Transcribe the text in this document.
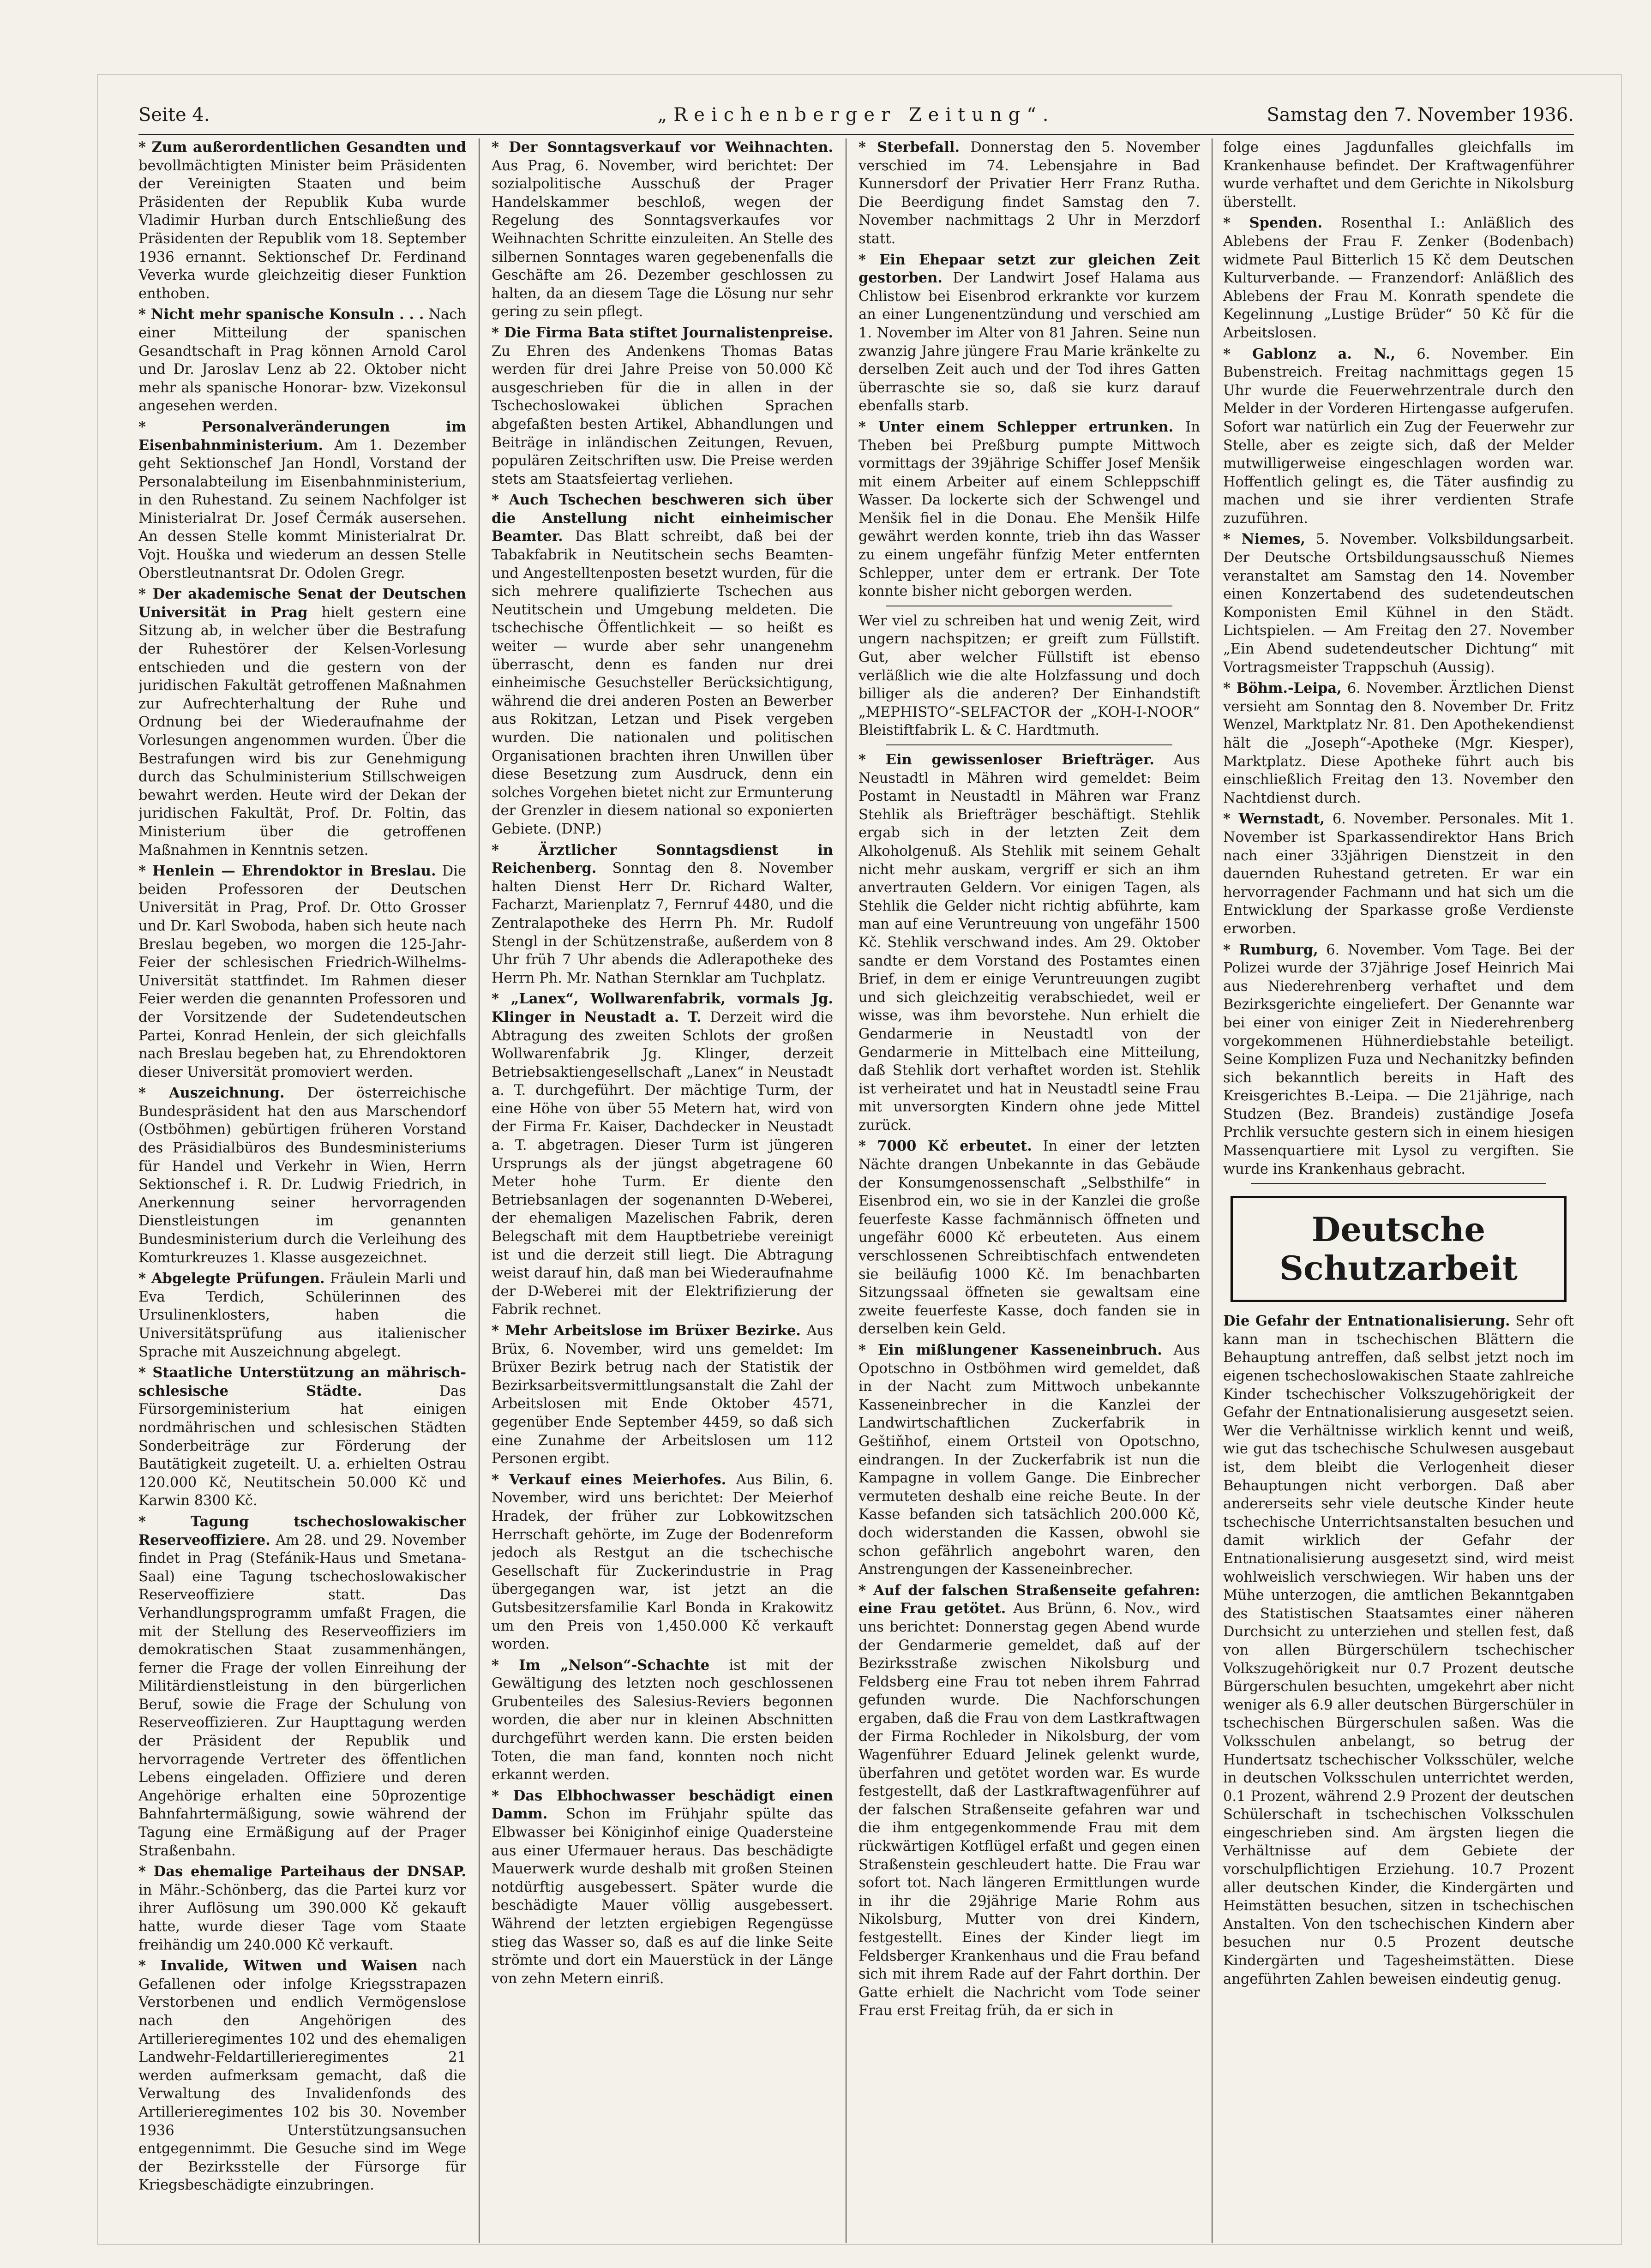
„Reichenberger Zeitung“.
Seite 4.	Samstag den 7. November 1936.
* Zum außerordentlichen Gesandten und bevollmächtigten Minister beim Präsidenten der Vereinigten Staaten und beim Präsidenten der Republik Kuba wurde Vladimir Hurban durch Entschließung des Präsidenten der Republik vom 18. September 1936 ernannt. Sektionschef Dr. Ferdinand Veverka wurde gleichzeitig dieser Funktion enthoben.
* Nicht mehr spanische Konsuln . . . Nach einer Mitteilung der spanischen Gesandtschaft in Prag können Arnold Carol und Dr. Jaroslav Lenz ab 22. Oktober nicht mehr als spanische Honorar- bzw. Vizekonsul angesehen werden.
* Personalveränderungen im Eisenbahnministerium. Am 1. Dezember geht Sektionschef Jan Hondl, Vorstand der Personalabteilung im Eisenbahnministerium, in den Ruhestand. Zu seinem Nachfolger ist Ministerialrat Dr. Josef Čermák ausersehen. An dessen Stelle kommt Ministerialrat Dr. Vojt. Houška und wiederum an dessen Stelle Oberstleutnantsrat Dr. Odolen Gregr.
* Der akademische Senat der Deutschen Universität in Prag hielt gestern eine Sitzung ab, in welcher über die Bestrafung der Ruhestörer der Kelsen-Vorlesung entschieden und die gestern von der juridischen Fakultät getroffenen Maßnahmen zur Aufrechterhaltung der Ruhe und Ordnung bei der Wiederaufnahme der Vorlesungen angenommen wurden. Über die Bestrafungen wird bis zur Genehmigung durch das Schulministerium Stillschweigen bewahrt werden. Heute wird der Dekan der juridischen Fakultät, Prof. Dr. Foltin, das Ministerium über die getroffenen Maßnahmen in Kenntnis setzen.
* Henlein — Ehrendoktor in Breslau. Die beiden Professoren der Deutschen Universität in Prag, Prof. Dr. Otto Grosser und Dr. Karl Swoboda, haben sich heute nach Breslau begeben, wo morgen die 125-Jahr-Feier der schlesischen Friedrich-Wilhelms-Universität stattfindet. Im Rahmen dieser Feier werden die genannten Professoren und der Vorsitzende der Sudetendeutschen Partei, Konrad Henlein, der sich gleichfalls nach Breslau begeben hat, zu Ehrendoktoren dieser Universität promoviert werden.
* Auszeichnung. Der österreichische Bundespräsident hat den aus Marschendorf (Ostböhmen) gebürtigen früheren Vorstand des Präsidialbüros des Bundesministeriums für Handel und Verkehr in Wien, Herrn Sektionschef i. R. Dr. Ludwig Friedrich, in Anerkennung seiner hervorragenden Dienstleistungen im genannten Bundesministerium durch die Verleihung des Komturkreuzes 1. Klasse ausgezeichnet.
* Abgelegte Prüfungen. Fräulein Marli und Eva Terdich, Schülerinnen des Ursulinenklosters, haben die Universitätsprüfung aus italienischer Sprache mit Auszeichnung abgelegt.
* Staatliche Unterstützung an mährisch-schlesische Städte.	Das Fürsorgeministerium hat einigen nordmährischen und schlesischen Städten Sonderbeiträge zur Förderung der Bautätigkeit zugeteilt. U. a. erhielten Ostrau 120.000 Kč, Neutitschein 50.000 Kč und Karwin 8300 Kč.
* Tagung tschechoslowakischer Reserveoffiziere. Am 28. und 29. November findet in Prag (Stefánik-Haus und Smetana-Saal) eine Tagung tschechoslowakischer Reserveoffiziere statt. Das Verhandlungsprogramm umfaßt Fragen, die mit der Stellung des Reserveoffiziers im demokratischen Staat zusammenhängen, ferner die Frage der vollen Einreihung der Militärdienstleistung in den bürgerlichen Beruf, sowie die Frage der Schulung von Reserveoffizieren. Zur Haupttagung werden der Präsident der Republik und hervorragende Vertreter des öffentlichen Lebens eingeladen. Offiziere und deren Angehörige erhalten eine 50prozentige Bahnfahrtermäßigung, sowie während der Tagung eine Ermäßigung auf der Prager Straßenbahn.
* Das ehemalige Parteihaus der DNSAP. in Mähr.-Schönberg, das die Partei kurz vor ihrer Auflösung um 390.000 Kč gekauft hatte, wurde dieser Tage vom Staate freihändig um 240.000 Kč verkauft.
* Invalide, Witwen und Waisen nach Gefallenen oder infolge Kriegsstrapazen Verstorbenen und endlich Vermögenslose nach den Angehörigen des Artillerieregimentes 102 und des ehemaligen Landwehr-Feldartillerieregimentes 21 werden aufmerksam gemacht, daß die Verwaltung des Invalidenfonds des Artillerieregimentes 102 bis 30. November 1936 Unterstützungsansuchen entgegennimmt. Die Gesuche sind im Wege der Bezirksstelle der Fürsorge für Kriegsbeschädigte einzubringen.
* Der Sonntagsverkauf vor Weihnachten. Aus Prag, 6. November, wird berichtet: Der sozialpolitische Ausschuß der Prager Handelskammer beschloß, wegen der Regelung des Sonntagsverkaufes vor Weihnachten Schritte einzuleiten. An Stelle des silbernen Sonntages waren gegebenenfalls die Geschäfte am 26. Dezember geschlossen zu halten, da an diesem Tage die Lösung nur sehr gering zu sein pflegt.
* Die Firma Bata stiftet Journalistenpreise. Zu Ehren des Andenkens Thomas Batas werden für drei Jahre Preise von 50.000 Kč ausgeschrieben für die in allen in der Tschechoslowakei üblichen Sprachen abgefaßten besten Artikel, Abhandlungen und Beiträge in inländischen Zeitungen, Revuen, populären Zeitschriften usw. Die Preise werden stets am Staatsfeiertag verliehen.
* Auch Tschechen beschweren sich über die Anstellung nicht einheimischer Beamter. Das Blatt schreibt, daß bei der Tabakfabrik in Neutitschein sechs Beamten- und Angestelltenposten besetzt wurden, für die sich mehrere qualifizierte Tschechen aus Neutitschein und Umgebung meldeten. Die tschechische Öffentlichkeit — so heißt es weiter — wurde aber sehr unangenehm überrascht, denn es fanden nur drei einheimische Gesuchsteller Berücksichtigung, während die drei anderen Posten an Bewerber aus Rokitzan, Letzan und Pisek vergeben wurden. Die nationalen und politischen Organisationen brachten ihren Unwillen über diese Besetzung zum Ausdruck, denn ein solches Vorgehen bietet nicht zur Ermunterung der Grenzler in diesem national so exponierten Gebiete. (DNP.)
* Ärztlicher Sonntagsdienst in Reichenberg. Sonntag den 8. November halten Dienst Herr Dr. Richard Walter, Facharzt, Marienplatz 7, Fernruf 4480, und die Zentralapotheke des Herrn Ph. Mr. Rudolf Stengl in der Schützenstraße, außerdem von 8 Uhr früh 7 Uhr abends die Adlerapotheke des Herrn Ph. Mr. Nathan Sternklar am Tuchplatz.
* „Lanex“, Wollwarenfabrik, vormals Jg. Klinger in Neustadt a. T. Derzeit wird die Abtragung des zweiten Schlots der großen Wollwarenfabrik Jg. Klinger, derzeit Betriebsaktiengesellschaft „Lanex“ in Neustadt a. T. durchgeführt. Der mächtige Turm, der eine Höhe von über 55 Metern hat, wird von der Firma Fr. Kaiser, Dachdecker in Neustadt a. T. abgetragen. Dieser Turm ist jüngeren Ursprungs als der jüngst abgetragene 60 Meter hohe Turm. Er diente den Betriebsanlagen der sogenannten D-Weberei, der ehemaligen Mazelischen Fabrik, deren Belegschaft mit dem Hauptbetriebe vereinigt ist und die derzeit still liegt. Die Abtragung weist darauf hin, daß man bei Wiederaufnahme der D-Weberei mit der Elektrifizierung der Fabrik rechnet.
* Mehr Arbeitslose im Brüxer Bezirke. Aus Brüx, 6. November, wird uns gemeldet: Im Brüxer Bezirk betrug nach der Statistik der Bezirksarbeitsvermittlungsanstalt die Zahl der Arbeitslosen mit Ende Oktober 4571, gegenüber Ende September 4459, so daß sich eine Zunahme der Arbeitslosen um 112 Personen ergibt.
* Verkauf eines Meierhofes. Aus Bilin, 6. November, wird uns berichtet: Der Meierhof Hradek, der früher zur Lobkowitzschen Herrschaft gehörte, im Zuge der Bodenreform jedoch als Restgut an die tschechische Gesellschaft für Zuckerindustrie in Prag übergegangen war, ist jetzt an die Gutsbesitzersfamilie Karl Bonda in Krakowitz um den Preis von 1,450.000 Kč verkauft worden.
* Im „Nelson“-Schachte ist mit der Gewältigung des letzten noch geschlossenen Grubenteiles des Salesius-Reviers begonnen worden, die aber nur in kleinen Abschnitten durchgeführt werden kann. Die ersten beiden Toten, die man fand, konnten noch nicht erkannt werden.
* Das Elbhochwasser beschädigt einen Damm. Schon im Frühjahr spülte das Elbwasser bei Königinhof einige Quadersteine aus einer Ufermauer heraus. Das beschädigte Mauerwerk wurde deshalb mit großen Steinen notdürftig ausgebessert. Später wurde die beschädigte Mauer völlig ausgebessert. Während der letzten ergiebigen Regengüsse stieg das Wasser so, daß es auf die linke Seite strömte und dort ein Mauerstück in der Länge von zehn Metern einriß.
* Sterbefall. Donnerstag den 5. November verschied im 74. Lebensjahre in Bad Kunnersdorf der Privatier Herr Franz Rutha. Die Beerdigung findet Samstag den 7. November nachmittags 2 Uhr in Merzdorf statt.
* Ein Ehepaar setzt zur gleichen Zeit gestorben. Der Landwirt Josef Halama aus Chlistow bei Eisenbrod erkrankte vor kurzem an einer Lungenentzündung und verschied am 1. November im Alter von 81 Jahren. Seine nun zwanzig Jahre jüngere Frau Marie kränkelte zu derselben Zeit auch und der Tod ihres Gatten überraschte sie so, daß sie kurz darauf ebenfalls starb.
* Unter einem Schlepper ertrunken. In Theben bei Preßburg pumpte Mittwoch vormittags der 39jährige Schiffer Josef Menšik mit einem Arbeiter auf einem Schleppschiff Wasser. Da lockerte sich der Schwengel und Menšik fiel in die Donau. Ehe Menšik Hilfe gewährt werden konnte, trieb ihn das Wasser zu einem ungefähr fünfzig Meter entfernten Schlepper, unter dem er ertrank. Der Tote konnte bisher nicht geborgen werden.
Wer viel zu schreiben hat und wenig Zeit, wird ungern nachspitzen; er greift zum Füllstift. Gut, aber welcher Füllstift ist ebenso verläßlich wie die alte Holzfassung und doch billiger als die anderen? Der Einhandstift „MEPHISTO“-SELFACTOR der „KOH-I-NOOR“ Bleistiftfabrik L. & C. Hardtmuth.
* Ein gewissenloser Briefträger. Aus Neustadtl in Mähren wird gemeldet: Beim Postamt in Neustadtl in Mähren war Franz Stehlik als Briefträger beschäftigt. Stehlik ergab sich in der letzten Zeit dem Alkoholgenuß. Als Stehlik mit seinem Gehalt nicht mehr auskam, vergriff er sich an ihm anvertrauten Geldern. Vor einigen Tagen, als Stehlik die Gelder nicht richtig abführte, kam man auf eine Veruntreuung von ungefähr 1500 Kč. Stehlik verschwand indes. Am 29. Oktober sandte er dem Vorstand des Postamtes einen Brief, in dem er einige Veruntreuungen zugibt und sich gleichzeitig verabschiedet, weil er wisse, was ihm bevorstehe. Nun erhielt die Gendarmerie in Neustadtl von der Gendarmerie in Mittelbach eine Mitteilung, daß Stehlik dort verhaftet worden ist. Stehlik ist verheiratet und hat in Neustadtl seine Frau mit unversorgten Kindern ohne jede Mittel zurück.
* 7000 Kč erbeutet. In einer der letzten Nächte drangen Unbekannte in das Gebäude der Konsumgenossenschaft „Selbsthilfe“ in Eisenbrod ein, wo sie in der Kanzlei die große feuerfeste Kasse fachmännisch öffneten und ungefähr 6000 Kč erbeuteten. Aus einem verschlossenen Schreibtischfach entwendeten sie beiläufig 1000 Kč. Im benachbarten Sitzungssaal öffneten sie gewaltsam eine zweite feuerfeste Kasse, doch fanden sie in derselben kein Geld.
* Ein mißlungener Kasseneinbruch. Aus Opotschno in Ostböhmen wird gemeldet, daß in der Nacht zum Mittwoch unbekannte Kasseneinbrecher in die Kanzlei der Landwirtschaftlichen Zuckerfabrik in Geštiňhof, einem Ortsteil von Opotschno, eindrangen. In der Zuckerfabrik ist nun die Kampagne in vollem Gange. Die Einbrecher vermuteten deshalb eine reiche Beute. In der Kasse befanden sich tatsächlich 200.000 Kč, doch widerstanden die Kassen, obwohl sie schon gefährlich angebohrt waren, den Anstrengungen der Kasseneinbrecher.
* Auf der falschen Straßenseite gefahren: eine Frau getötet. Aus Brünn, 6. Nov., wird uns berichtet: Donnerstag gegen Abend wurde der Gendarmerie gemeldet, daß auf der Bezirksstraße zwischen Nikolsburg und Feldsberg eine Frau tot neben ihrem Fahrrad gefunden wurde. Die Nachforschungen ergaben, daß die Frau von dem Lastkraftwagen der Firma Rochleder in Nikolsburg, der vom Wagenführer Eduard Jelinek gelenkt wurde, überfahren und getötet worden war. Es wurde festgestellt, daß der Lastkraftwagenführer auf der falschen Straßenseite gefahren war und die ihm entgegenkommende Frau mit dem rückwärtigen Kotflügel erfaßt und gegen einen Straßenstein geschleudert hatte. Die Frau war sofort tot. Nach längeren Ermittlungen wurde in ihr die 29jährige Marie Rohm aus Nikolsburg, Mutter von drei Kindern, festgestellt. Eines der Kinder liegt im Feldsberger Krankenhaus und die Frau befand sich mit ihrem Rade auf der Fahrt dorthin. Der Gatte erhielt die Nachricht vom Tode seiner Frau erst Freitag früh, da er sich in
folge eines Jagdunfalles gleichfalls im Krankenhause befindet. Der Kraftwagenführer wurde verhaftet und dem Gerichte in Nikolsburg überstellt.
* Spenden. Rosenthal I.: Anläßlich des Ablebens der Frau F. Zenker (Bodenbach) widmete Paul Bitterlich 15 Kč dem Deutschen Kulturverbande. — Franzendorf: Anläßlich des Ablebens der Frau M. Konrath spendete die Kegelinnung „Lustige Brüder“ 50 Kč für die Arbeitslosen.
* Gablonz a. N., 6. November. Ein Bubenstreich. Freitag nachmittags gegen 15 Uhr wurde die Feuerwehrzentrale durch den Melder in der Vorderen Hirtengasse aufgerufen. Sofort war natürlich ein Zug der Feuerwehr zur Stelle, aber es zeigte sich, daß der Melder mutwilligerweise eingeschlagen worden war. Hoffentlich gelingt es, die Täter ausfindig zu machen und sie ihrer verdienten Strafe zuzuführen.
* Niemes, 5. November. Volksbildungsarbeit. Der Deutsche Ortsbildungsausschuß Niemes veranstaltet am Samstag den 14. November einen Konzertabend des sudetendeutschen Komponisten Emil Kühnel in den Städt. Lichtspielen. — Am Freitag den 27. November „Ein Abend sudetendeutscher Dichtung“ mit Vortragsmeister Trappschuh (Aussig).
* Böhm.-Leipa, 6. November. Ärztlichen Dienst versieht am Sonntag den 8. November Dr. Fritz Wenzel, Marktplatz Nr. 81. Den Apothekendienst hält die „Joseph“-Apotheke (Mgr. Kiesper), Marktplatz. Diese Apotheke führt auch bis einschließlich Freitag den 13. November den Nachtdienst durch.
* Wernstadt, 6. November. Personales. Mit 1. November ist Sparkassendirektor Hans Brich nach einer 33jährigen Dienstzeit in den dauernden Ruhestand getreten. Er war ein hervorragender Fachmann und hat sich um die Entwicklung der Sparkasse große Verdienste erworben.
* Rumburg, 6. November. Vom Tage. Bei der Polizei wurde der 37jährige Josef Heinrich Mai aus Niederehrenberg verhaftet und dem Bezirksgerichte eingeliefert. Der Genannte war bei einer von einiger Zeit in Niederehrenberg vorgekommenen Hühnerdiebstahle beteiligt. Seine Komplizen Fuza und Nechanitzky befinden sich bekanntlich bereits in Haft des Kreisgerichtes B.-Leipa. — Die 21jährige, nach Studzen (Bez. Brandeis) zuständige Josefa Prchlik versuchte gestern sich in einem hiesigen Massenquartiere mit Lysol zu vergiften. Sie wurde ins Krankenhaus gebracht.
Deutsche Schutzarbeit
Die Gefahr der Entnationalisierung. Sehr oft kann man in tschechischen Blättern die Behauptung antreffen, daß selbst jetzt noch im eigenen tschechoslowakischen Staate zahlreiche Kinder tschechischer Volkszugehörigkeit der Gefahr der Entnationalisierung ausgesetzt seien. Wer die Verhältnisse wirklich kennt und weiß, wie gut das tschechische Schulwesen ausgebaut ist, dem bleibt die Verlogenheit dieser Behauptungen nicht verborgen. Daß aber andererseits sehr viele deutsche Kinder heute tschechische Unterrichtsanstalten besuchen und damit wirklich der Gefahr der Entnationalisierung ausgesetzt sind, wird meist wohlweislich verschwiegen. Wir haben uns der Mühe unterzogen, die amtlichen Bekanntgaben des Statistischen Staatsamtes einer näheren Durchsicht zu unterziehen und stellen fest, daß von allen Bürgerschülern tschechischer Volkszugehörigkeit nur 0.7 Prozent deutsche Bürgerschulen besuchten, umgekehrt aber nicht weniger als 6.9 aller deutschen Bürgerschüler in tschechischen Bürgerschulen saßen. Was die Volksschulen anbelangt, so betrug der Hundertsatz tschechischer Volksschüler, welche in deutschen Volksschulen unterrichtet werden, 0.1 Prozent, während 2.9 Prozent der deutschen Schülerschaft in tschechischen Volksschulen eingeschrieben sind. Am ärgsten liegen die Verhältnisse auf dem Gebiete der vorschulpflichtigen Erziehung. 10.7 Prozent aller deutschen Kinder, die Kindergärten und Heimstätten besuchen, sitzen in tschechischen Anstalten. Von den tschechischen Kindern aber besuchen nur 0.5 Prozent deutsche Kindergärten und Tagesheimstätten. Diese angeführten Zahlen beweisen eindeutig genug.
